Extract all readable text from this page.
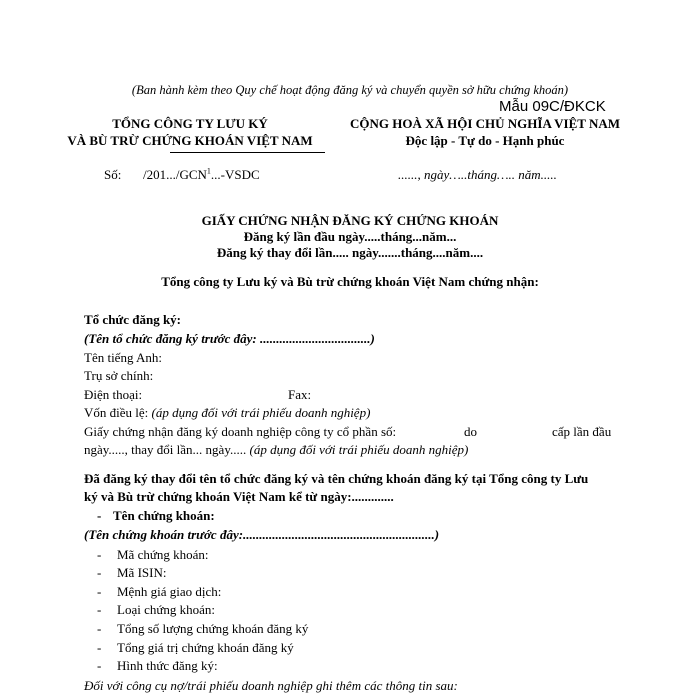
(Ban hành kèm theo Quy chế hoạt động đăng ký và chuyển quyền sở hữu chứng khoán)
Mẫu 09C/ĐKCK
TỔNG CÔNG TY LƯU KÝ
VÀ BÙ TRỪ CHỨNG KHOÁN VIỆT NAM
CỘNG HOÀ XÃ HỘI CHỦ NGHĨA VIỆT NAM
Độc lập - Tự do - Hạnh phúc
Số: /201.../GCN$^1$...-VSDC	......, ngày…..tháng….. năm.....
GIẤY CHỨNG NHẬN ĐĂNG KÝ CHỨNG KHOÁN
Đăng ký lần đầu ngày.....tháng...năm...
Đăng ký thay đổi lần..... ngày.......tháng....năm....
Tổng công ty Lưu ký và Bù trừ chứng khoán Việt Nam chứng nhận:
Tổ chức đăng ký:
(Tên tổ chức đăng ký trước đây: ..................................)
Tên tiếng Anh:
Trụ sở chính:
Điện thoại:	Fax:
Vốn điều lệ: (áp dụng đối với trái phiếu doanh nghiệp)
Giấy chứng nhận đăng ký doanh nghiệp công ty cổ phần số:	do	cấp lần đầu
ngày....., thay đổi lần... ngày..... (áp dụng đối với trái phiếu doanh nghiệp)
Đã đăng ký thay đổi tên tổ chức đăng ký và tên chứng khoán đăng ký tại Tổng công ty Lưu
ký và Bù trừ chứng khoán Việt Nam kể từ ngày:.............
- Tên chứng khoán:
(Tên chứng khoán trước đây:...........................................................)
- Mã chứng khoán:
- Mã ISIN:
- Mệnh giá giao dịch:
- Loại chứng khoán:
- Tổng số lượng chứng khoán đăng ký
- Tổng giá trị chứng khoán đăng ký
- Hình thức đăng ký:
Đối với công cụ nợ/trái phiếu doanh nghiệp ghi thêm các thông tin sau:
